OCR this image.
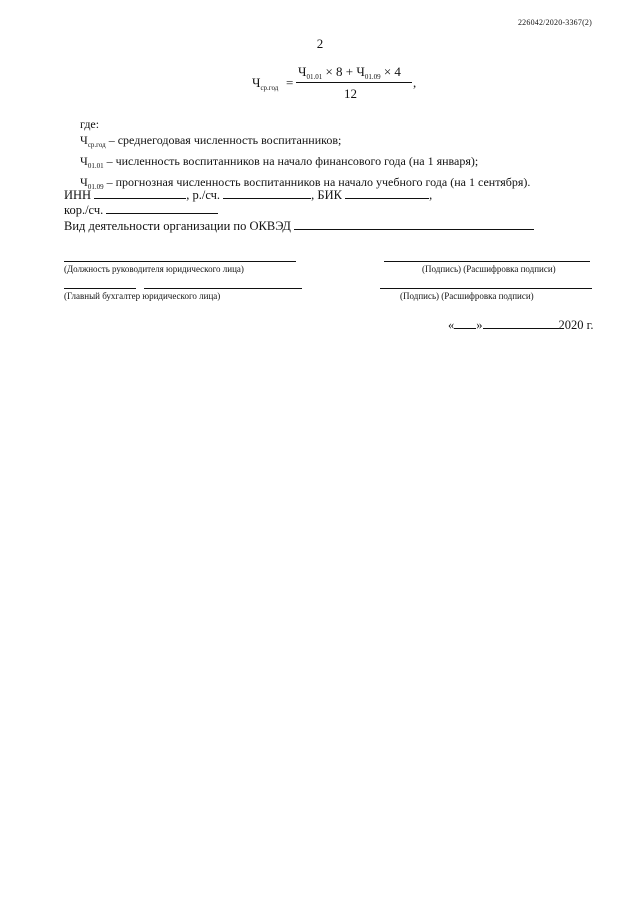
226042/2020-3367(2)
2
$Ч_{ср.год}$ =
$Ч_{01.01} \times 8 + Ч_{01.09} \times 4$
12
,
где:
$Ч_{ср.год}$ – среднегодовая численность воспитанников;
$Ч_{01.01}$ – численность воспитанников на начало финансового года (на 1 января);
$Ч_{01.09}$ – прогнозная численность воспитанников на начало учебного года (на 1 сентября).
ИНН	, р./сч.	, БИК	,
кор./сч.
Вид деятельности организации по ОКВЭД
(Должность руководителя юридического лица)	(Подпись) (Расшифровка подписи)
(Главный бухгалтер юридического лица)	(Подпись) (Расшифровка подписи)
« »	2020 г.
